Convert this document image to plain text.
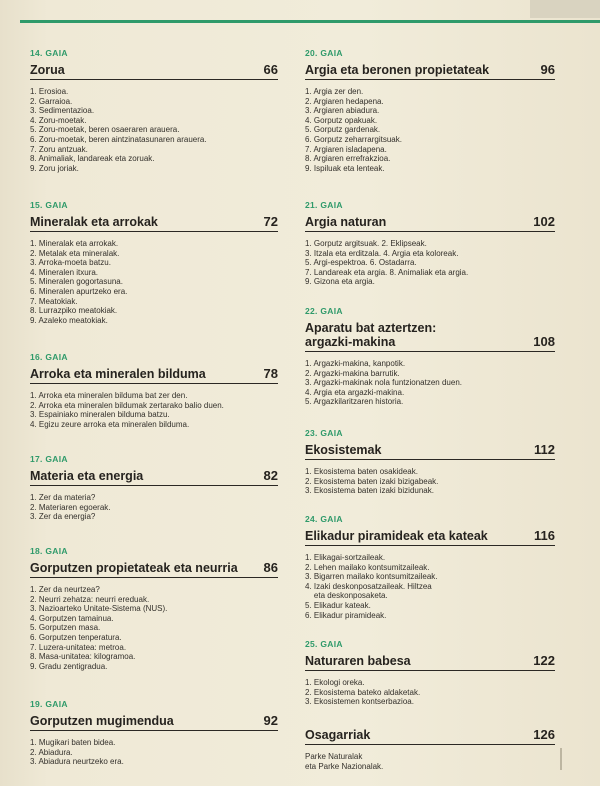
14. GAIA
Zorua	66
1. Erosioa.
2. Garraioa.
3. Sedimentazioa.
4. Zoru-moetak.
5. Zoru-moetak, beren osaeraren arauera.
6. Zoru-moetak, beren aintzinatasunaren arauera.
7. Zoru antzuak.
8. Animaliak, landareak eta zoruak.
9. Zoru joriak.
15. GAIA
Mineralak eta arrokak	72
1. Mineralak eta arrokak.
2. Metalak eta mineralak.
3. Arroka-moeta batzu.
4. Mineralen itxura.
5. Mineralen gogortasuna.
6. Mineralen apurtzeko era.
7. Meatokiak.
8. Lurrazpiko meatokiak.
9. Azaleko meatokiak.
16. GAIA
Arroka eta mineralen bilduma	78
1. Arroka eta mineralen bilduma bat zer den.
2. Arroka eta mineralen bildumak zertarako balio duen.
3. Espainiako mineralen bilduma batzu.
4. Egizu zeure arroka eta mineralen bilduma.
17. GAIA
Materia eta energia	82
1. Zer da materia?
2. Materiaren egoerak.
3. Zer da energia?
18. GAIA
Gorputzen propietateak eta neurria	86
1. Zer da neurtzea?
2. Neurri zehatza: neurri ereduak.
3. Nazioarteko Unitate-Sistema (NUS).
4. Gorputzen tamainua.
5. Gorputzen masa.
6. Gorputzen tenperatura.
7. Luzera-unitatea: metroa.
8. Masa-unitatea: kilogramoa.
9. Gradu zentigradua.
19. GAIA
Gorputzen mugimendua	92
1. Mugikari baten bidea.
2. Abiadura.
3. Abiadura neurtzeko era.
20. GAIA
Argia eta beronen propietateak	96
1. Argia zer den.
2. Argiaren hedapena.
3. Argiaren abiadura.
4. Gorputz opakuak.
5. Gorputz gardenak.
6. Gorputz zeharrargitsuak.
7. Argiaren isladapena.
8. Argiaren errefrakzioa.
9. Ispiluak eta lenteak.
21. GAIA
Argia naturan	102
1. Gorputz argitsuak. 2. Eklipseak.
3. Itzala eta erditzala. 4. Argia eta koloreak.
5. Argi-espektroa. 6. Ostadarra.
7. Landareak eta argia. 8. Animaliak eta argia.
9. Gizona eta argia.
22. GAIA
Aparatu bat aztertzen:
argazki-makina	108
1. Argazki-makina, kanpotik.
2. Argazki-makina barrutik.
3. Argazki-makinak nola funtzionatzen duen.
4. Argia eta argazki-makina.
5. Argazkilaritzaren historia.
23. GAIA
Ekosistemak	112
1. Ekosistema baten osakideak.
2. Ekosistema baten izaki bizigabeak.
3. Ekosistema baten izaki bizidunak.
24. GAIA
Elikadur piramideak eta kateak	116
1. Elikagai-sortzaileak.
2. Lehen mailako kontsumitzaileak.
3. Bigarren mailako kontsumitzaileak.
4. Izaki deskonposatzaileak. Hiltzea
eta deskonposaketa.
5. Elikadur kateak.
6. Elikadur piramideak.
25. GAIA
Naturaren babesa	122
1. Ekologi oreka.
2. Ekosistema bateko aldaketak.
3. Ekosistemen kontserbazioa.
Osagarriak	126
Parke Naturalak
eta Parke Nazionalak.
